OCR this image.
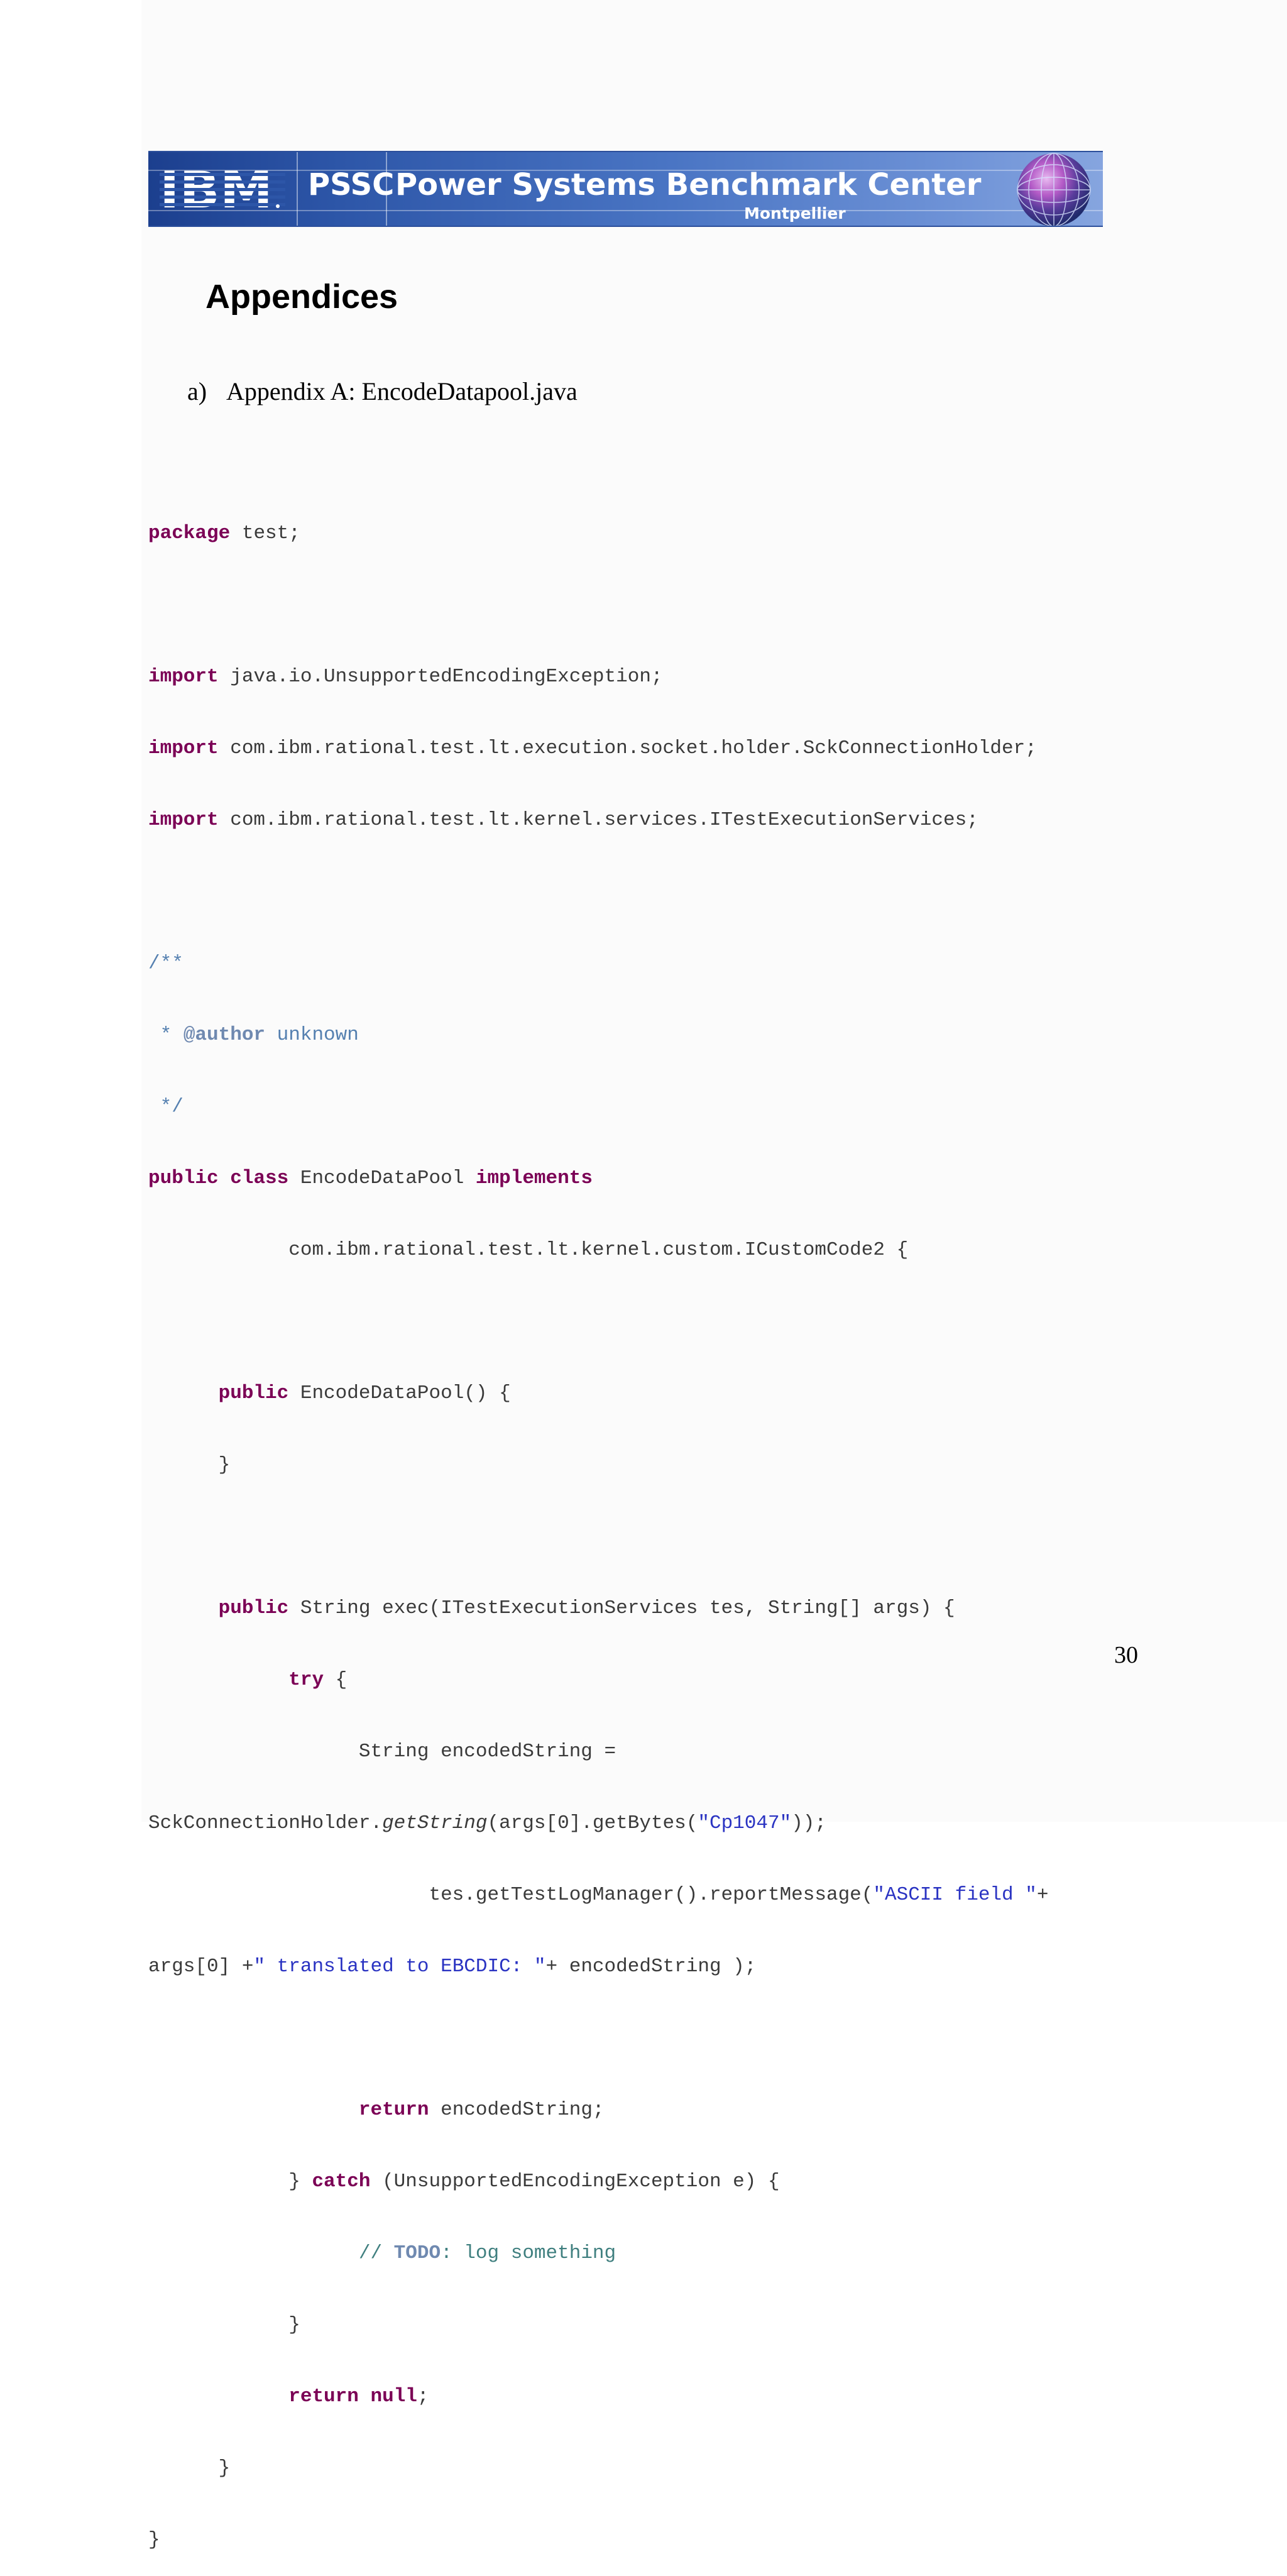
PSSC Power Systems Benchmark Center
Montpellier
Appendices
a) Appendix A: EncodeDatapool.java

package test;

import java.io.UnsupportedEncodingException;

import com.ibm.rational.test.lt.execution.socket.holder.SckConnectionHolder;

import com.ibm.rational.test.lt.kernel.services.ITestExecutionServices;

/**

* @author unknown

*/

public class EncodeDataPool implements

com.ibm.rational.test.lt.kernel.custom.ICustomCode2 {

public EncodeDataPool() {

}

public String exec(ITestExecutionServices tes, String[] args) {

try {

String encodedString =

SckConnectionHolder.getString(args[0].getBytes("Cp1047"));

tes.getTestLogManager().reportMessage("ASCII field "+

args[0] +" translated to EBCDIC: "+ encodedString );

return encodedString;

} catch (UnsupportedEncodingException e) {

// TODO: log something

}

return null;

}

}

30
